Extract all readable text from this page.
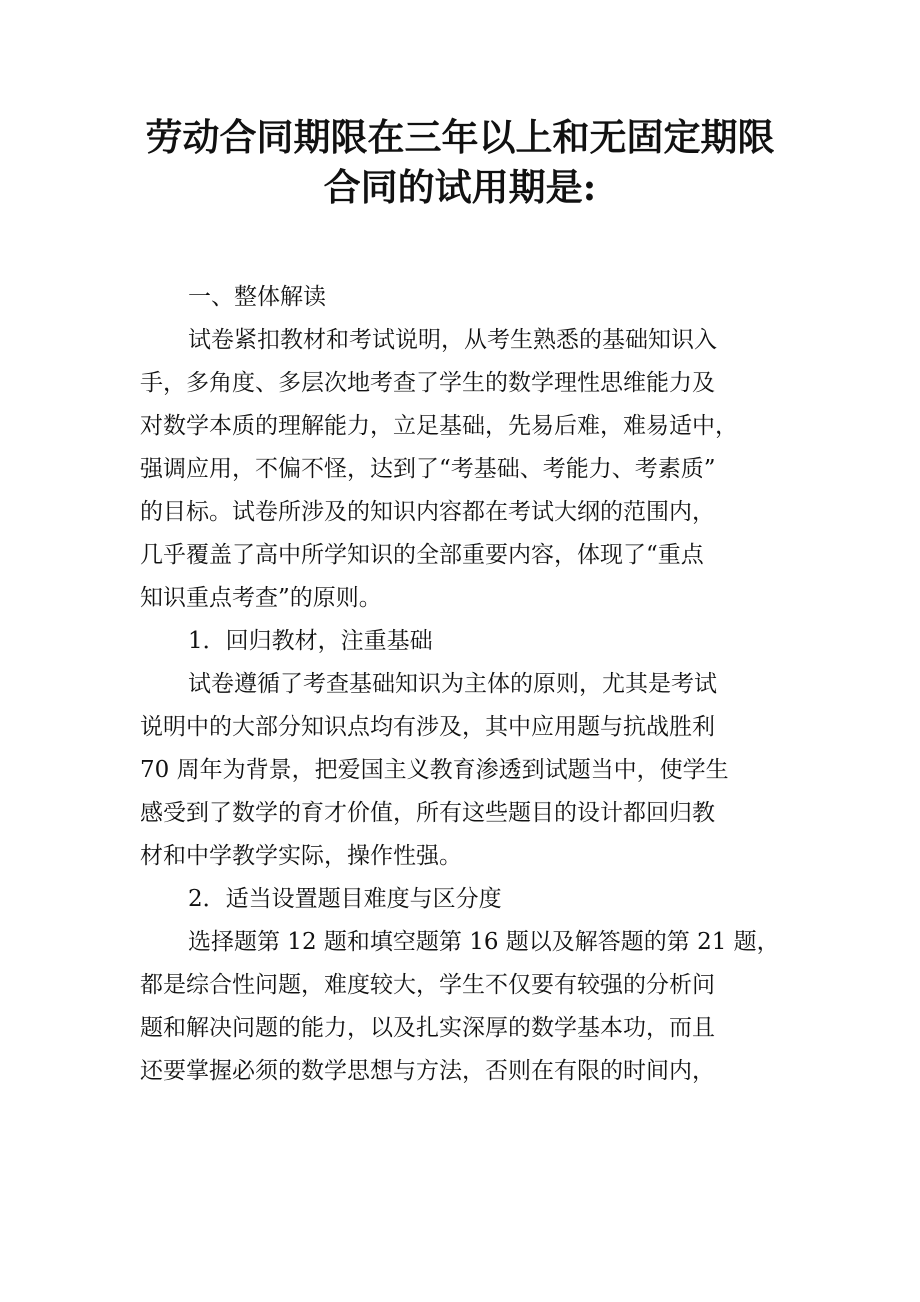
劳动合同期限在三年以上和无固定期限
合同的试用期是:

一、整体解读

试卷紧扣教材和考试说明，从考生熟悉的基础知识入
手，多角度、多层次地考查了学生的数学理性思维能力及
对数学本质的理解能力，立足基础，先易后难，难易适中，
强调应用，不偏不怪，达到了“考基础、考能力、考素质”
的目标。试卷所涉及的知识内容都在考试大纲的范围内，
几乎覆盖了高中所学知识的全部重要内容，体现了“重点
知识重点考查”的原则。

1．回归教材，注重基础

试卷遵循了考查基础知识为主体的原则，尤其是考试
说明中的大部分知识点均有涉及，其中应用题与抗战胜利
70 周年为背景，把爱国主义教育渗透到试题当中，使学生
感受到了数学的育才价值，所有这些题目的设计都回归教
材和中学教学实际，操作性强。

2．适当设置题目难度与区分度

选择题第 12 题和填空题第 16 题以及解答题的第 21 题，
都是综合性问题，难度较大，学生不仅要有较强的分析问
题和解决问题的能力，以及扎实深厚的数学基本功，而且
还要掌握必须的数学思想与方法，否则在有限的时间内，
